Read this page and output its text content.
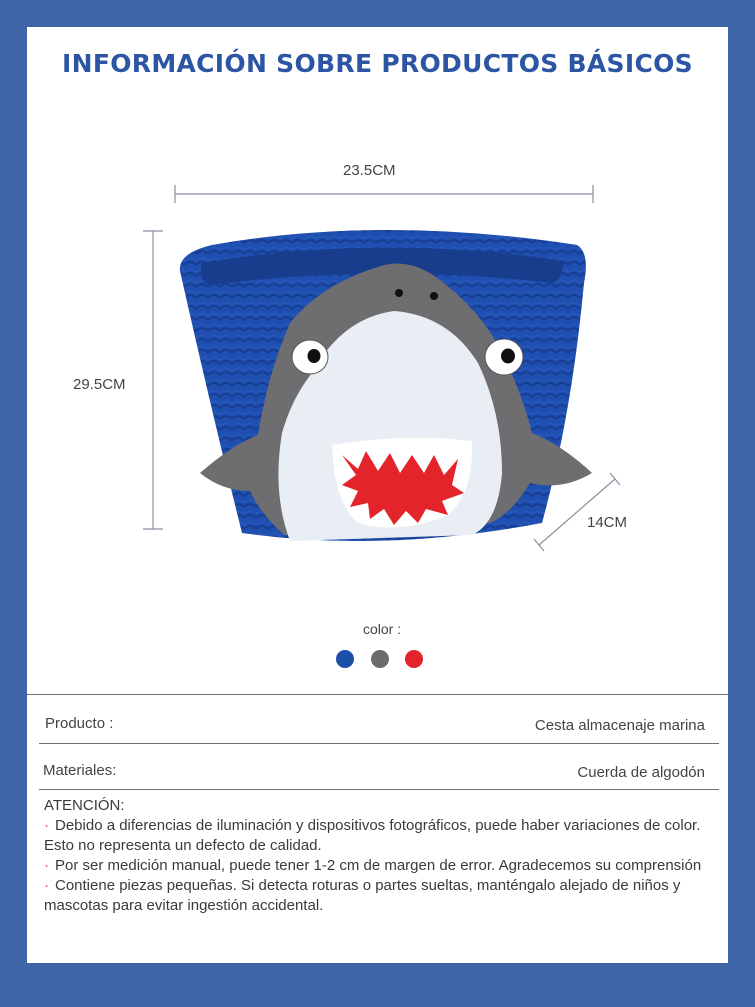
INFORMACIÓN SOBRE PRODUCTOS BÁSICOS
23.5CM
29.5CM
14CM
color :
Producto :	Cesta almacenaje marina
Materiales:	Cuerda de algodón

ATENCIÓN:

· Debido a diferencias de iluminación y dispositivos fotográficos, puede haber variaciones de color. Esto no representa un defecto de calidad.

· Por ser medición manual, puede tener 1-2 cm de margen de error. Agradecemos su comprensión

· Contiene piezas pequeñas. Si detecta roturas o partes sueltas, manténgalo alejado de niños y mascotas para evitar ingestión accidental.
